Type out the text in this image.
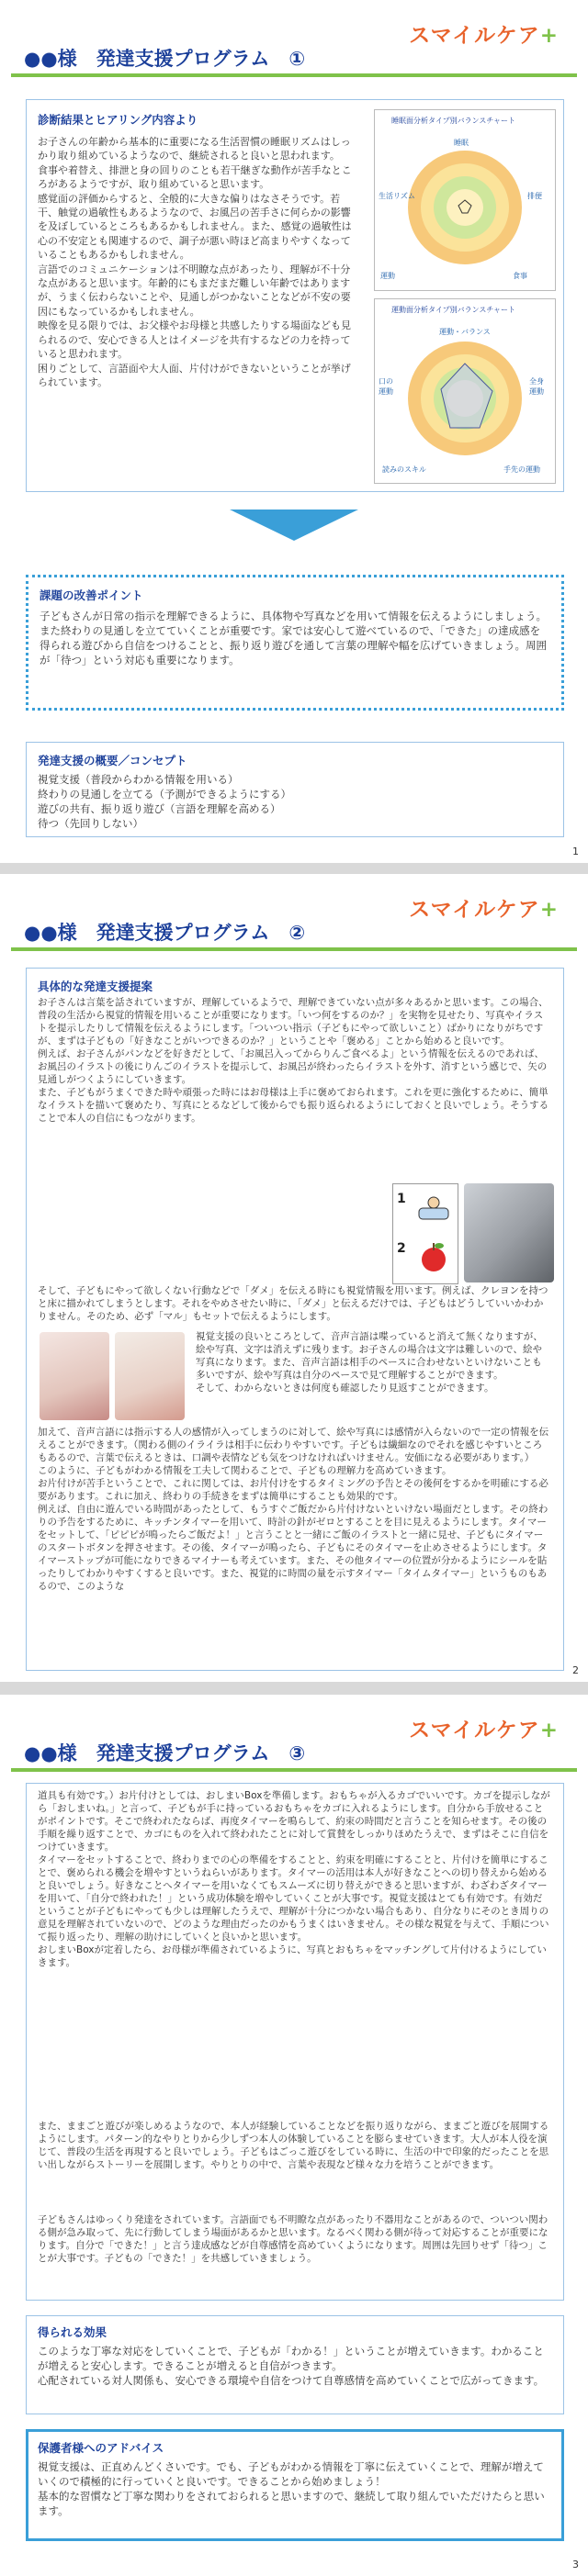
スマイルケア+
●●様　発達支援プログラム　①
診断結果とヒアリング内容より
お子さんの年齢から基本的に重要になる生活習慣の睡眠リズムはしっかり取り組めているようなので、継続されると良いと思われます。
食事や着替え、排泄と身の回りのことも若干継ぎな動作が苦手なところがあるようですが、取り組めていると思います。
感覚面の評価からすると、全般的に大きな偏りはなさそうです。若干、触覚の過敏性もあるようなので、お風呂の苦手さに何らかの影響を及ぼしているところもあるかもしれません。また、感覚の過敏性は心の不安定とも関連するので、調子が悪い時ほど高まりやすくなっていることもあるかもしれません。
言語でのコミュニケーションは不明瞭な点があったり、理解が不十分な点があると思います。年齢的にもまだまだ難しい年齢ではありますが、うまく伝わらないことや、見通しがつかないことなどが不安の要因にもなっているかもしれません。
映像を見る限りでは、お父様やお母様と共感したりする場面なども見られるので、安心できる人とはイメージを共有するなどの力を持っていると思われます。
困りごとして、言語面や大人面、片付けができないということが挙げられています。
睡眠面分析タイプ別バランスチャート
睡眠
排便
食事
運動
生活リズム
運動面分析タイプ別バランスチャート
運動・バランス
全身運動
手先の運動
読みのスキル
口の運動
課題の改善ポイント
子どもさんが日常の指示を理解できるように、具体物や写真などを用いて情報を伝えるようにしましょう。また終わりの見通しを立てていくことが重要です。家では安心して遊べているので、「できた」の達成感を得られる遊びから自信をつけることと、振り返り遊びを通して言葉の理解や幅を広げていきましょう。周囲が「待つ」という対応も重要になります。
発達支援の概要／コンセプト
視覚支援（普段からわかる情報を用いる）
終わりの見通しを立てる（予測ができるようにする）
遊びの共有、振り返り遊び（言語を理解を高める）
待つ（先回りしない）
1
スマイルケア+
●●様　発達支援プログラム　②
具体的な発達支援提案
お子さんは言葉を話されていますが、理解しているようで、理解できていない点が多々あるかと思います。この場合、普段の生活から視覚的情報を用いることが重要になります。「いつ何をするのか？」を実物を見せたり、写真やイラストを提示したりして情報を伝えるようにします。「ついつい指示（子どもにやって欲しいこと）ばかりになりがちですが、まずは子どもの「好きなことがいつできるのか？」ということや「褒める」ことから始めると良いです。
例えば、お子さんがパンなどを好きだとして、「お風呂入ってからりんご食べるよ」という情報を伝えるのであれば、お風呂のイラストの後にりんごのイラストを提示して、お風呂が終わったらイラストを外す、消すという感じで、矢の見通しがつくようにしていきます。
また、子どもがうまくできた時や頑張った時にはお母様は上手に褒めておられます。これを更に強化するために、簡単なイラストを描いて褒めたり、写真にとるなどして後からでも振り返られるようにしておくと良いでしょう。そうすることで本人の自信にもつながります。
1
2
そして、子どもにやって欲しくない行動などで「ダメ」を伝える時にも視覚情報を用います。例えば、クレヨンを持つと床に描かれてしまうとします。それをやめさせたい時に、「ダメ」と伝えるだけでは、子どもはどうしていいかわかりません。そのため、必ず「マル」もセットで伝えるようにします。
視覚支援の良いところとして、音声言語は喋っていると消えて無くなりますが、絵や写真、文字は消えずに残ります。お子さんの場合は文字は難しいので、絵や写真になります。また、音声言語は相手のペースに合わせないといけないことも多いですが、絵や写真は自分のペースで見て理解することができます。
そして、わからないときは何度も確認したり見返すことができます。
加えて、音声言語には指示する人の感情が入ってしまうのに対して、絵や写真には感情が入らないので一定の情報を伝えることができます。（関わる側のイライラは相手に伝わりやすいです。子どもは繊細なのでそれを感じやすいところもあるので、言葉で伝えるときは、口調や表情なども気をつけなければいけません。安価になる必要があります。）
このように、子どもがわかる情報を工夫して関わることで、子どもの理解力を高めていきます。
お片付けが苦手ということで、これに関しては、お片付けをするタイミングの予告とその後何をするかを明確にする必要があります。これに加え、終わりの手続きをまずは簡単にすることも効果的です。
例えば、自由に遊んでいる時間があったとして、もうすぐご飯だから片付けないといけない場面だとします。その終わりの予告をするために、キッチンタイマーを用いて、時計の針がゼロとすることを目に見えるようにします。タイマーをセットして、「ピピピが鳴ったらご飯だよ！」と言うことと一緒にご飯のイラストと一緒に見せ、子どもにタイマーのスタートボタンを押させます。その後、タイマーが鳴ったら、子どもにそのタイマーを止めさせるようにします。タイマーストップが可能になりできるマイナーも考えています。また、その他タイマーの位置が分かるようにシールを貼ったりしてわかりやすくすると良いです。また、視覚的に時間の量を示すタイマー「タイムタイマー」というものもあるので、このような
2
スマイルケア+
●●様　発達支援プログラム　③
道具も有効です。）お片付けとしては、おしまいBoxを準備します。おもちゃが入るカゴでいいです。カゴを提示しながら「おしまいね。」と言って、子どもが手に持っているおもちゃをカゴに入れるようにします。自分から手放せることがポイントです。そこで終われたならば、再度タイマーを鳴らして、約束の時間だと言うことを知らせます。その後の手順を繰り返すことで、カゴにものを入れて終われたことに対して賞賛をしっかりほめたうえで、まずはそこに自信をつけていきます。
タイマーをセットすることで、終わりまでの心の準備をすることと、約束を明確にすることと、片付けを簡単にすることで、褒められる機会を増やすというねらいがあります。タイマーの活用は本人が好きなことへの切り替えから始めると良いでしょう。好きなことへタイマーを用いなくてもスムーズに切り替えができると思いますが、わざわざタイマーを用いて、「自分で終われた！」という成功体験を増やしていくことが大事です。視覚支援はとても有効です。有効だということが子どもにやっても少しは理解したうえで、理解が十分につかない場合もあり、自分なりにそのとき周りの意見を理解されていないので、どのような理由だったのかもうまくはいきません。その様な視覚を与えて、手順について振り返ったり、理解の助けにしていくと良いかと思います。
おしまいBoxが定着したら、お母様が準備されているように、写真とおもちゃをマッチングして片付けるようにしていきます。
また、ままごと遊びが楽しめるようなので、本人が経験していることなどを振り返りながら、ままごと遊びを展開するようにします。パターン的なやりとりから少しずつ本人の体験していることを膨らませていきます。大人が本人役を演じて、普段の生活を再現すると良いでしょう。子どもはごっこ遊びをしている時に、生活の中で印象的だったことを思い出しながらストーリーを展開します。やりとりの中で、言葉や表現など様々な力を培うことができます。
子どもさんはゆっくり発達をされています。言語面でも不明瞭な点があったり不器用なことがあるので、ついつい関わる側が急み取って、先に行動してしまう場面があるかと思います。なるべく関わる側が待って対応することが重要になります。自分で「できた！」と言う達成感などが自尊感情を高めていくようになります。周囲は先回りせず「待つ」ことが大事です。子どもの「できた！」を共感していきましょう。
得られる効果
このような丁寧な対応をしていくことで、子どもが「わかる！」ということが増えていきます。わかることが増えると安心します。できることが増えると自信がつきます。
心配されている対人関係も、安心できる環境や自信をつけて自尊感情を高めていくことで広がってきます。
保護者様へのアドバイス
視覚支援は、正直めんどくさいです。でも、子どもがわかる情報を丁寧に伝えていくことで、理解が増えていくので積極的に行っていくと良いです。できることから始めましょう！
基本的な習慣など丁寧な関わりをされておられると思いますので、継続して取り組んでいただけたらと思います。
3
